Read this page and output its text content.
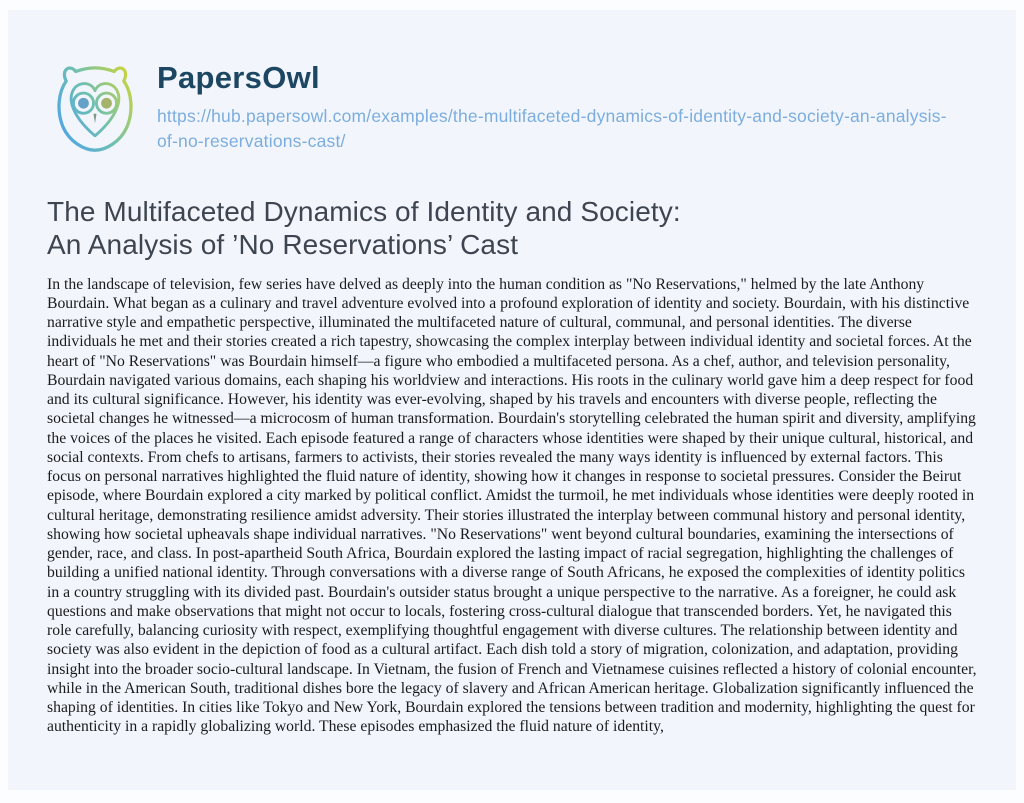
PapersOwl
https://hub.papersowl.com/examples/the-multifaceted-dynamics-of-identity-and-society-an-analysis-of-no-reservations-cast/
The Multifaceted Dynamics of Identity and Society:
An Analysis of ’No Reservations’ Cast

In the landscape of television, few series have delved as deeply into the human condition as "No Reservations," helmed by the late Anthony Bourdain. What began as a culinary and travel adventure evolved into a profound exploration of identity and society. Bourdain, with his distinctive narrative style and empathetic perspective, illuminated the multifaceted nature of cultural, communal, and personal identities. The diverse individuals he met and their stories created a rich tapestry, showcasing the complex interplay between individual identity and societal forces. At the heart of "No Reservations" was Bourdain himself—a figure who embodied a multifaceted persona. As a chef, author, and television personality, Bourdain navigated various domains, each shaping his worldview and interactions. His roots in the culinary world gave him a deep respect for food and its cultural significance. However, his identity was ever-evolving, shaped by his travels and encounters with diverse people, reflecting the societal changes he witnessed—a microcosm of human transformation. Bourdain's storytelling celebrated the human spirit and diversity, amplifying the voices of the places he visited. Each episode featured a range of characters whose identities were shaped by their unique cultural, historical, and social contexts. From chefs to artisans, farmers to activists, their stories revealed the many ways identity is influenced by external factors. This focus on personal narratives highlighted the fluid nature of identity, showing how it changes in response to societal pressures. Consider the Beirut episode, where Bourdain explored a city marked by political conflict. Amidst the turmoil, he met individuals whose identities were deeply rooted in cultural heritage, demonstrating resilience amidst adversity. Their stories illustrated the interplay between communal history and personal identity, showing how societal upheavals shape individual narratives. "No Reservations" went beyond cultural boundaries, examining the intersections of gender, race, and class. In post-apartheid South Africa, Bourdain explored the lasting impact of racial segregation, highlighting the challenges of building a unified national identity. Through conversations with a diverse range of South Africans, he exposed the complexities of identity politics in a country struggling with its divided past. Bourdain's outsider status brought a unique perspective to the narrative. As a foreigner, he could ask questions and make observations that might not occur to locals, fostering cross-cultural dialogue that transcended borders. Yet, he navigated this role carefully, balancing curiosity with respect, exemplifying thoughtful engagement with diverse cultures. The relationship between identity and society was also evident in the depiction of food as a cultural artifact. Each dish told a story of migration, colonization, and adaptation, providing insight into the broader socio-cultural landscape. In Vietnam, the fusion of French and Vietnamese cuisines reflected a history of colonial encounter, while in the American South, traditional dishes bore the legacy of slavery and African American heritage. Globalization significantly influenced the shaping of identities. In cities like Tokyo and New York, Bourdain explored the tensions between tradition and modernity, highlighting the quest for authenticity in a rapidly globalizing world. These episodes emphasized the fluid nature of identity,
